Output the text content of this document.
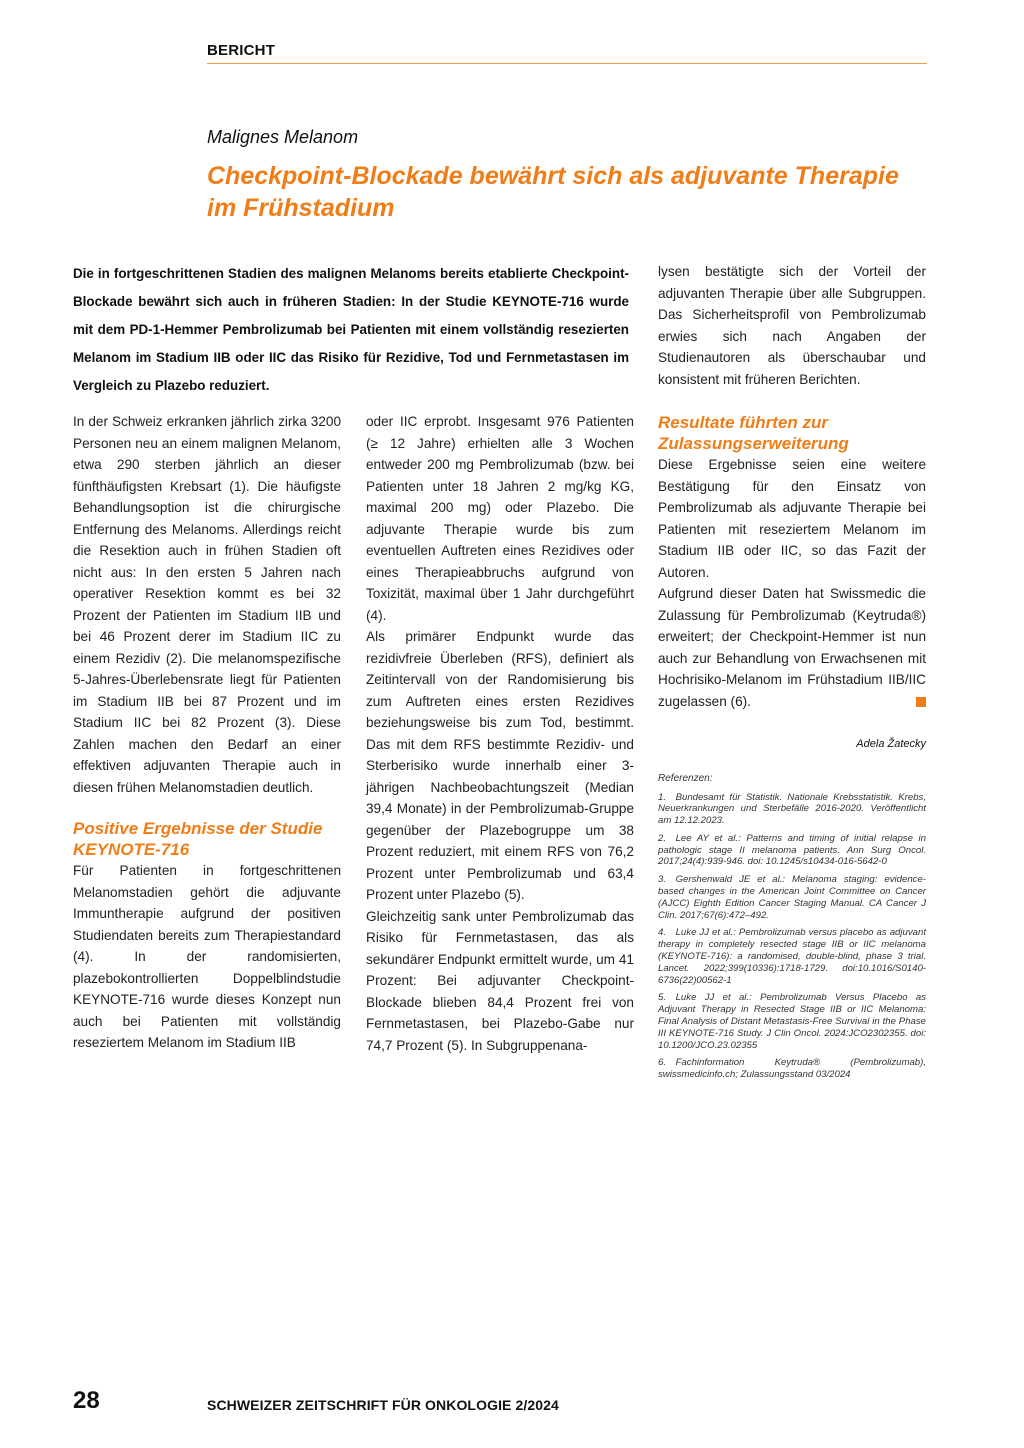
BERICHT
Malignes Melanom
Checkpoint-Blockade bewährt sich als adjuvante Therapie im Frühstadium

Die in fortgeschrittenen Stadien des malignen Melanoms bereits etablierte Checkpoint-Blockade bewährt sich auch in früheren Stadien: In der Studie KEYNOTE-716 wurde mit dem PD-1-Hemmer Pembrolizumab bei Patienten mit einem vollständig resezierten Melanom im Stadium IIB oder IIC das Risiko für Rezidive, Tod und Fernmetastasen im Vergleich zu Plazebo reduziert.

In der Schweiz erkranken jährlich zirka 3200 Personen neu an einem malignen Melanom, etwa 290 sterben jährlich an dieser fünfthäufigsten Krebsart (1). Die häufigste Behandlungsoption ist die chirurgische Entfernung des Melanoms. Allerdings reicht die Resektion auch in frühen Stadien oft nicht aus: In den ersten 5 Jahren nach operativer Resektion kommt es bei 32 Prozent der Patienten im Stadium IIB und bei 46 Prozent derer im Stadium IIC zu einem Rezidiv (2). Die melanomspezifische 5-Jahres-Überlebensrate liegt für Patienten im Stadium IIB bei 87 Prozent und im Stadium IIC bei 82 Prozent (3). Diese Zahlen machen den Bedarf an einer effektiven adjuvanten Therapie auch in diesen frühen Melanomstadien deutlich.

Positive Ergebnisse der Studie KEYNOTE-716

Für Patienten in fortgeschrittenen Melanomstadien gehört die adjuvante Immuntherapie aufgrund der positiven Studiendaten bereits zum Therapiestandard (4). In der randomisierten, plazebokontrollierten Doppelblindstudie KEYNOTE-716 wurde dieses Konzept nun auch bei Patienten mit vollständig reseziertem Melanom im Stadium IIB

oder IIC erprobt. Insgesamt 976 Patienten (≥ 12 Jahre) erhielten alle 3 Wochen entweder 200 mg Pembrolizumab (bzw. bei Patienten unter 18 Jahren 2 mg/kg KG, maximal 200 mg) oder Plazebo. Die adjuvante Therapie wurde bis zum eventuellen Auftreten eines Rezidives oder eines Therapieabbruchs aufgrund von Toxizität, maximal über 1 Jahr durchgeführt (4).

Als primärer Endpunkt wurde das rezidivfreie Überleben (RFS), definiert als Zeitintervall von der Randomisierung bis zum Auftreten eines ersten Rezidives beziehungsweise bis zum Tod, bestimmt. Das mit dem RFS bestimmte Rezidiv- und Sterberisiko wurde innerhalb einer 3-jährigen Nachbeobachtungszeit (Median 39,4 Monate) in der Pembrolizumab-Gruppe gegenüber der Plazebogruppe um 38 Prozent reduziert, mit einem RFS von 76,2 Prozent unter Pembrolizumab und 63,4 Prozent unter Plazebo (5).

Gleichzeitig sank unter Pembrolizumab das Risiko für Fernmetastasen, das als sekundärer Endpunkt ermittelt wurde, um 41 Prozent: Bei adjuvanter Checkpoint-Blockade blieben 84,4 Prozent frei von Fernmetastasen, bei Plazebo-Gabe nur 74,7 Prozent (5). In Subgruppenana-

lysen bestätigte sich der Vorteil der adjuvanten Therapie über alle Subgruppen. Das Sicherheitsprofil von Pembrolizumab erwies sich nach Angaben der Studienautoren als überschaubar und konsistent mit früheren Berichten.

Resultate führten zur Zulassungserweiterung

Diese Ergebnisse seien eine weitere Bestätigung für den Einsatz von Pembrolizumab als adjuvante Therapie bei Patienten mit reseziertem Melanom im Stadium IIB oder IIC, so das Fazit der Autoren.

Aufgrund dieser Daten hat Swissmedic die Zulassung für Pembrolizumab (Keytruda®) erweitert; der Checkpoint-Hemmer ist nun auch zur Behandlung von Erwachsenen mit Hochrisiko-Melanom im Frühstadium IIB/IIC zugelassen (6).

Adela Žatecky
Referenzen:
1. Bundesamt für Statistik. Nationale Krebsstatistik. Krebs, Neuerkrankungen und Sterbefälle 2016-2020. Veröffentlicht am 12.12.2023.
2. Lee AY et al.: Patterns and timing of initial relapse in pathologic stage II melanoma patients. Ann Surg Oncol. 2017;24(4):939-946. doi: 10.1245/s10434-016-5642-0
3. Gershenwald JE et al.: Melanoma staging: evidence-based changes in the American Joint Committee on Cancer (AJCC) Eighth Edition Cancer Staging Manual. CA Cancer J Clin. 2017;67(6):472–492.
4. Luke JJ et al.: Pembrolizumab versus placebo as adjuvant therapy in completely resected stage IIB or IIC melanoma (KEYNOTE-716): a randomised, double-blind, phase 3 trial. Lancet. 2022;399(10336):1718-1729. doi:10.1016/S0140-6736(22)00562-1
5. Luke JJ et al.: Pembrolizumab Versus Placebo as Adjuvant Therapy in Resected Stage IIB or IIC Melanoma: Final Analysis of Distant Metastasis-Free Survival in the Phase III KEYNOTE-716 Study. J Clin Oncol. 2024:JCO2302355. doi: 10.1200/JCO.23.02355
6. Fachinformation Keytruda® (Pembrolizumab), swissmedicinfo.ch; Zulassungsstand 03/2024
28	SCHWEIZER ZEITSCHRIFT FÜR ONKOLOGIE 2/2024
